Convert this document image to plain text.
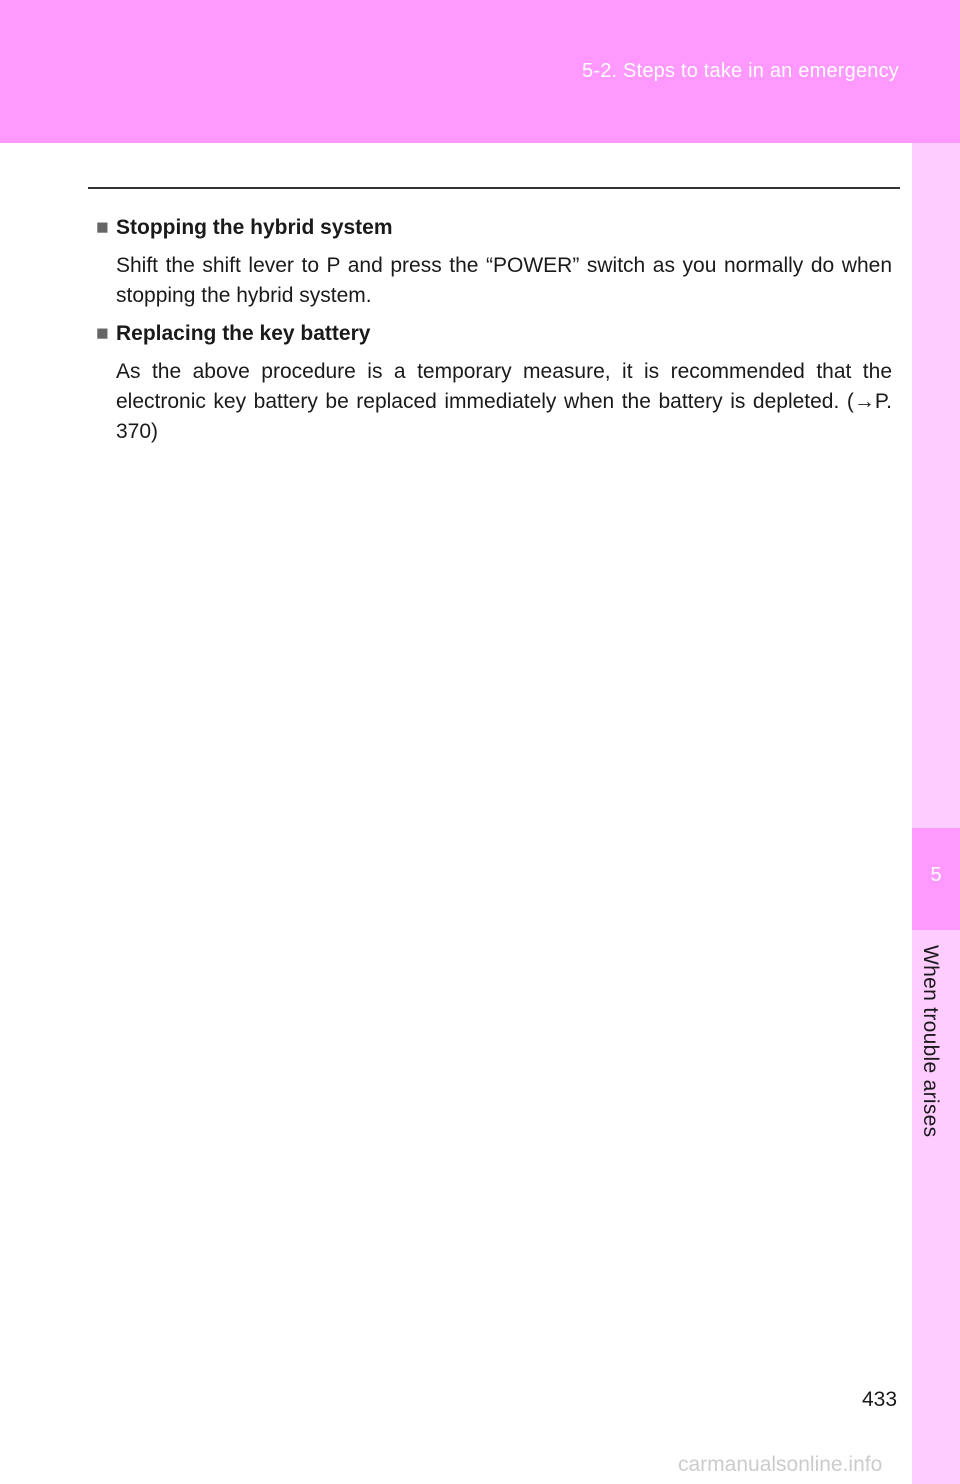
5-2. Steps to take in an emergency
5
When trouble arises

■ Stopping the hybrid system

Shift the shift lever to P and press the “POWER” switch as you normally do when stopping the hybrid system.

■ Replacing the key battery

As the above procedure is a temporary measure, it is recommended that the electronic key battery be replaced immediately when the battery is depleted. (→P. 370)

433
carmanualsonline.info
